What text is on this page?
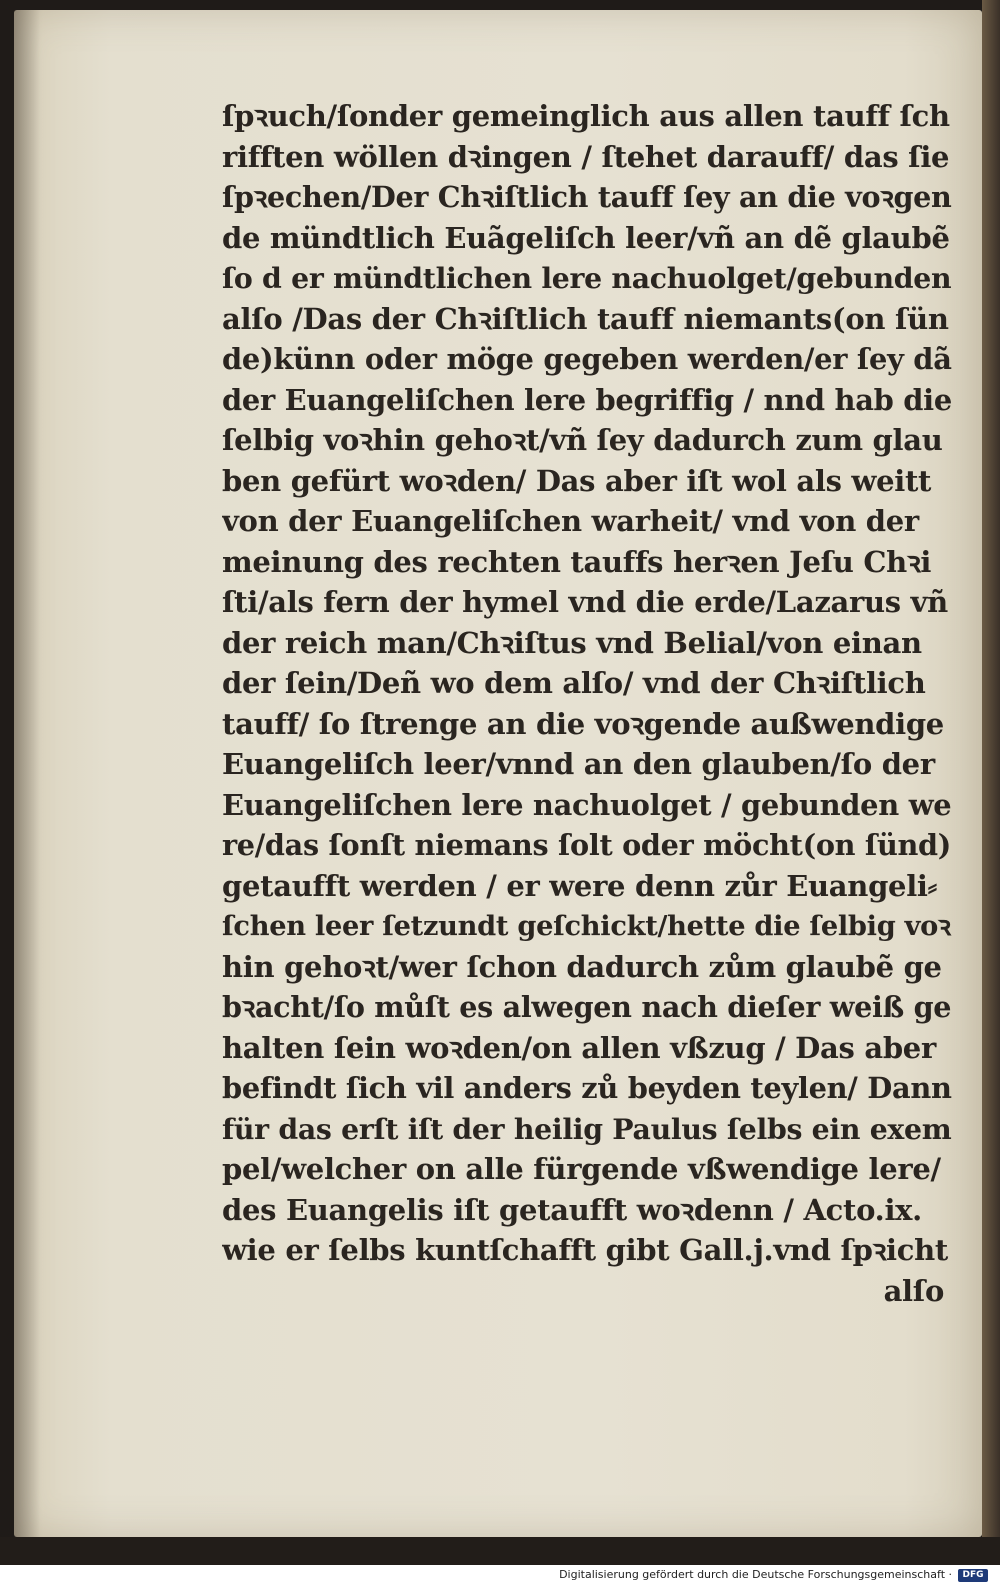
ſpꝛuch/ſonder gemeinglich aus allen tauff ſch
rifften wöllen dꝛingen / ſtehet darauff/ das ſie
ſpꝛechen/Der Chꝛiſtlich tauff ſey an die voꝛgen
de mündtlich Euãgeliſch leer/vñ an dẽ glaubẽ
ſo d er mündtlichen lere nachuolget/gebunden
alſo /Das der Chꝛiſtlich tauff niemants(on ſün
de)künn oder möge gegeben werden/er ſey dã
der Euangeliſchen lere begriffig / nnd hab die
ſelbig voꝛhin gehoꝛt/vñ ſey dadurch zum glau
ben gefürt woꝛden/ Das aber iſt wol als weitt
von der Euangeliſchen warheit/ vnd von der
meinung des rechten tauffs herꝛen Jeſu Chꝛi
ſti/als fern der hymel vnd die erde/Lazarus vñ
der reich man/Chꝛiſtus vnd Belial/von einan
der ſein/Deñ wo dem alſo/ vnd der Chꝛiſtlich
tauff/ ſo ſtrenge an die voꝛgende außwendige
Euangeliſch leer/vnnd an den glauben/ſo der
Euangeliſchen lere nachuolget / gebunden we
re/das ſonſt niemans ſolt oder möcht(on ſünd)
getaufft werden / er were denn zůr Euangeli⸗
ſchen leer ſetzundt geſchickt/hette die ſelbig voꝛ
hin gehoꝛt/wer ſchon dadurch zům glaubẽ ge
bꝛacht/ſo můſt es alwegen nach dieſer weiß ge
halten ſein woꝛden/on allen vßzug / Das aber
befindt ſich vil anders zů beyden teylen/ Dann
für das erſt iſt der heilig Paulus ſelbs ein exem
pel/welcher on alle fürgende vßwendige lere/
des Euangelis iſt getaufft woꝛdenn / Acto.ix.
wie er ſelbs kuntſchafft gibt Gall.j.vnd ſpꝛicht
alſo
Digitalisierung gefördert durch die Deutsche Forschungsgemeinschaft ·	DFG
